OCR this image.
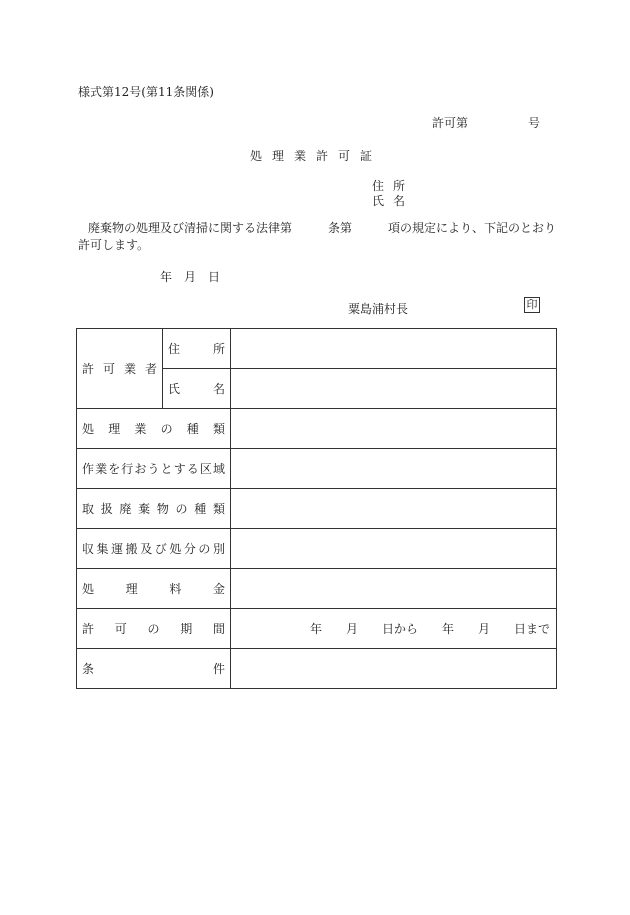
様式第12号(第11条関係)
許可第	号
処理業許可証
住所
氏名
廃棄物の処理及び清掃に関する法律第　　　条第　　　項の規定により、下記のとおり許可します。
年　月　日
粟島浦村長	印
許可業者	住所	
	氏名	
処理業の種類		
作業を行おうとする区域		
取扱廃棄物の種類		
収集運搬及び処分の別		
処理料金		
許可の期間		年　　月　　日から　　年　　月　　日まで
条件		
